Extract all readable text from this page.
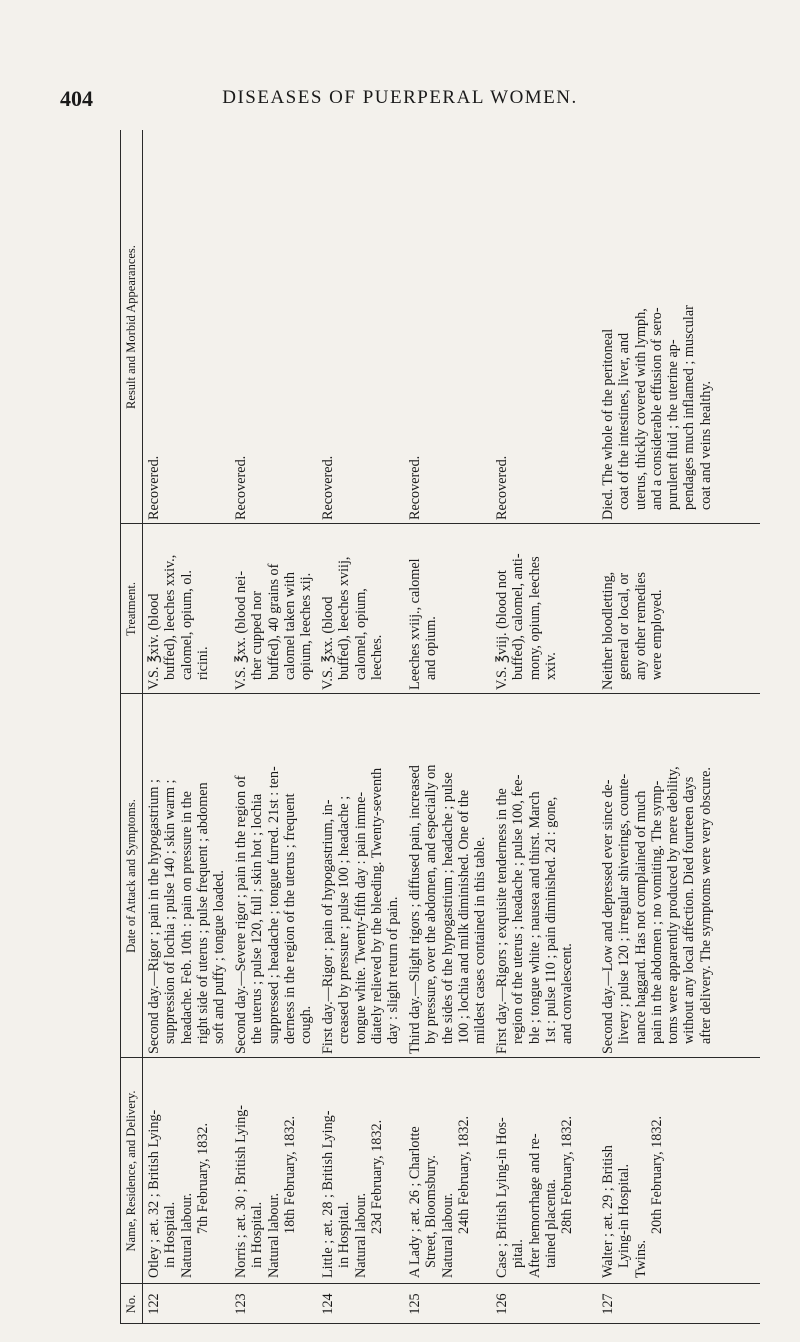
404	DISEASES OF PUERPERAL WOMEN.
No.
Name, Residence, and Delivery.
Date of Attack and Symptoms.
Treatment.
Result and Morbid Appearances.
122
Otley ; æt. 32 ; British Lying- in Hospital. Natural labour.
7th February, 1832.
Second day.—Rigor ; pain in the hypogastrium ; suppression of lochia ; pulse 140 ; skin warm ; headache. Feb. 10th : pain on pressure in the right side of uterus ; pulse frequent ; abdomen soft and puffy ; tongue loaded.
V.S. ℥xiv. (blood buffed), leeches xxiv., calomel, opium, ol. ricini.
Recovered.
123
Norris ; æt. 30 ; British Lying- in Hospital. Natural labour.
18th February, 1832.
Second day.—Severe rigor ; pain in the region of the uterus ; pulse 120, full ; skin hot ; lochia suppressed ; headache ; tongue furred. 21st : ten- derness in the region of the uterus ; frequent cough.
V.S. ℥xx. (blood nei- ther cupped nor buffed), 40 grains of calomel taken with opium, leeches xij.
Recovered.
124
Little ; æt. 28 ; British Lying- in Hospital. Natural labour.
23d February, 1832.
First day.—Rigor ; pain of hypogastrium, in- creased by pressure ; pulse 100 ; headache ; tongue white. Twenty-fifth day : pain imme- diately relieved by the bleeding. Twenty-seventh day : slight return of pain.
V.S. ℥xx. (blood buffed), leeches xviij, calomel, opium, leeches.
Recovered.
125
A Lady ; æt. 26 ; Charlotte Street, Bloomsbury. Natural labour.
24th February, 1832.
Third day.—Slight rigors ; diffused pain, increased by pressure, over the abdomen, and especially on the sides of the hypogastrium ; headache ; pulse 100 ; lochia and milk diminished. One of the mildest cases contained in this table.
Leeches xviij., calomel and opium.
Recovered.
126
Case ; British Lying-in Hos- pital. After hemorrhage and re- tained placenta. 28th February, 1832.
First day.—Rigors ; exquisite tenderness in the region of the uterus ; headache ; pulse 100, fee- ble ; tongue white ; nausea and thirst. March 1st : pulse 110 ; pain diminished. 2d : gone, and convalescent.
V.S. ℥viij. (blood not buffed), calomel, anti- mony, opium, leeches xxiv.
Recovered.
127
Walter ; æt. 29 ; British Lying-in Hospital. Twins.
20th February, 1832.
Second day.—Low and depressed ever since de- livery ; pulse 120 ; irregular shiverings, counte- nance haggard. Has not complained of much pain in the abdomen ; no vomiting. The symp- toms were apparently produced by mere debility, without any local affection. Died fourteen days after delivery. The symptoms were very obscure.
Neither bloodletting, general or local, or any other remedies were employed.
Died. The whole of the peritoneal coat of the intestines, liver, and uterus, thickly covered with lymph, and a considerable effusion of sero- purulent fluid ; the uterine ap- pendages much inflamed ; muscular coat and veins healthy.
